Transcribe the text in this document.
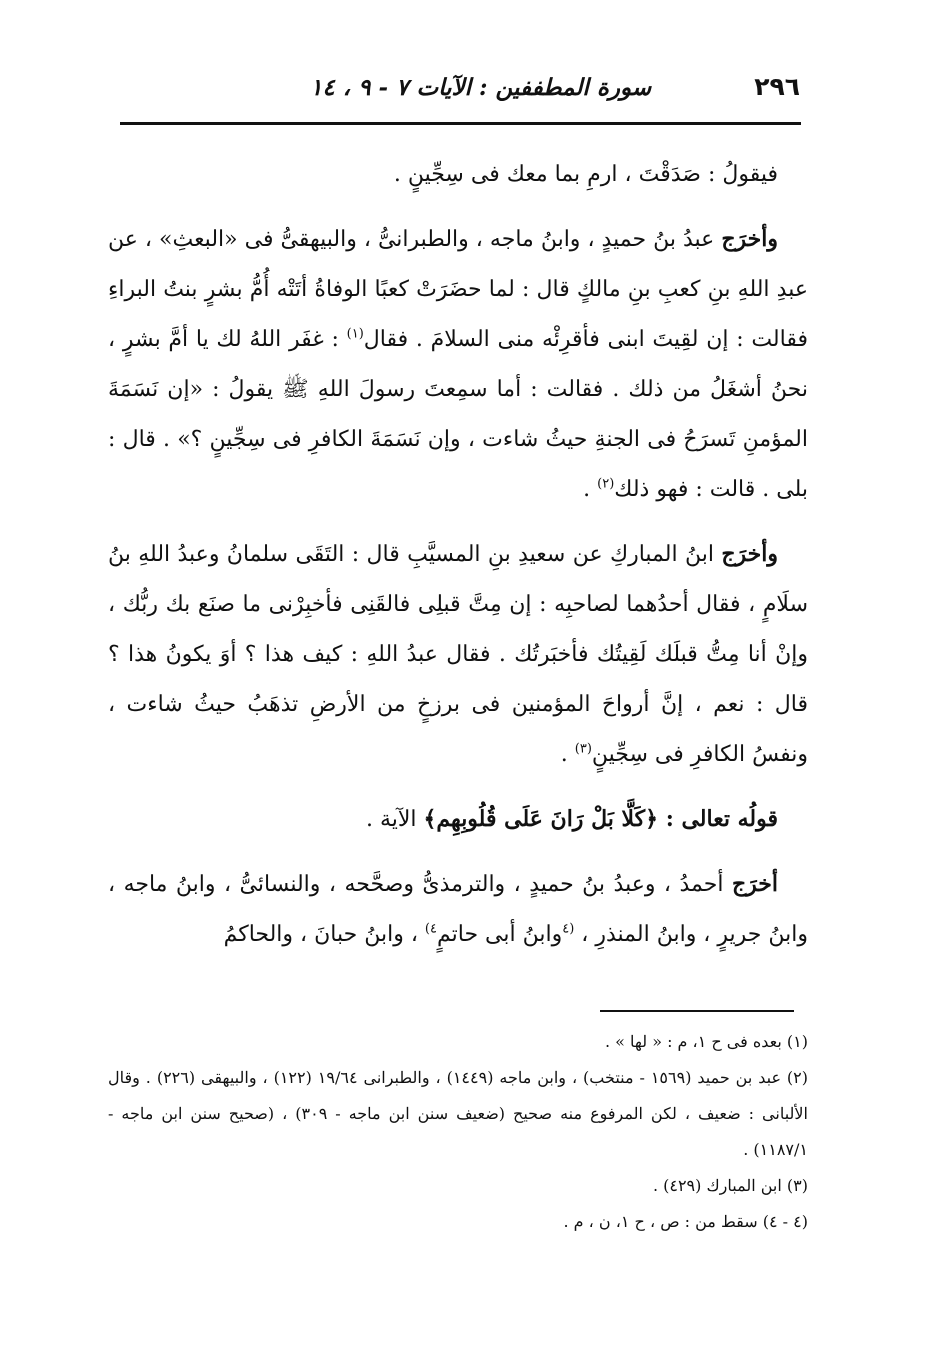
٢٩٦
سورة المطففين : الآيات ٧ - ٩ ، ١٤

فيقولُ : صَدَقْتَ ، ارمِ بما معك فى سِجِّينٍ .

وأخرَج عبدُ بنُ حميدٍ ، وابنُ ماجه ، والطبرانىُّ ، والبيهقىُّ فى «البعثِ» ، عن عبدِ اللهِ بنِ كعبِ بنِ مالكٍ قال : لما حضَرَتْ كعبًا الوفاةُ أتَتْه أُمُّ بشرٍ بنتُ البراءِ فقالت : إن لقِيتَ ابنى فأقرِئْه منى السلامَ . فقال$^{(١)}$ : غفَر اللهُ لك يا أمَّ بشرٍ ، نحنُ أشغَلُ من ذلك . فقالت : أما سمِعتَ رسولَ اللهِ ﷺ يقولُ : «إن نَسَمَةَ المؤمنِ تَسرَحُ فى الجنةِ حيثُ شاءت ، وإن نَسَمَةَ الكافرِ فى سِجِّينٍ ؟» . قال : بلى . قالت : فهو ذلك$^{(٢)}$ .

وأخرَج ابنُ المباركِ عن سعيدِ بنِ المسيَّبِ قال : التَقَى سلمانُ وعبدُ اللهِ بنُ سلَامٍ ، فقال أحدُهما لصاحبِه : إن مِتَّ قبلِى فالقَنِى فأخبِرْنى ما صنَع بك ربُّك ، وإنْ أنا مِتُّ قبلَك لَقِيتُك فأخبَرتُك . فقال عبدُ اللهِ : كيف هذا ؟ أوَ يكونُ هذا ؟ قال : نعم ، إنَّ أرواحَ المؤمنين فى برزخٍ من الأرضِ تذهَبُ حيثُ شاءت ، ونفسُ الكافرِ فى سِجِّينٍ$^{(٣)}$ .

قولُه تعالى : ﴿كَلَّا بَلْ رَانَ عَلَى قُلُوبِهِم﴾ الآية .

أخرَج أحمدُ ، وعبدُ بنُ حميدٍ ، والترمذىُّ وصحَّحه ، والنسائىُّ ، وابنُ ماجه ، وابنُ جريرٍ ، وابنُ المنذرِ ، $^{(٤}$وابنُ أبى حاتمٍ$^{٤)}$ ، وابنُ حبانَ ، والحاكمُ

(١) بعده فى ح ١، م : « لها » .

(٢) عبد بن حميد (١٥٦٩ - منتخب) ، وابن ماجه (١٤٤٩) ، والطبرانى ١٩/٦٤ (١٢٢) ، والبيهقى (٢٢٦) . وقال الألبانى : ضعيف ، لكن المرفوع منه صحيح (ضعيف سنن ابن ماجه - ٣٠٩) ، (صحيح سنن ابن ماجه - ١١٨٧/١) .

(٣) ابن المبارك (٤٢٩) .

(٤ - ٤) سقط من : ص ، ح ١، ن ، م .
